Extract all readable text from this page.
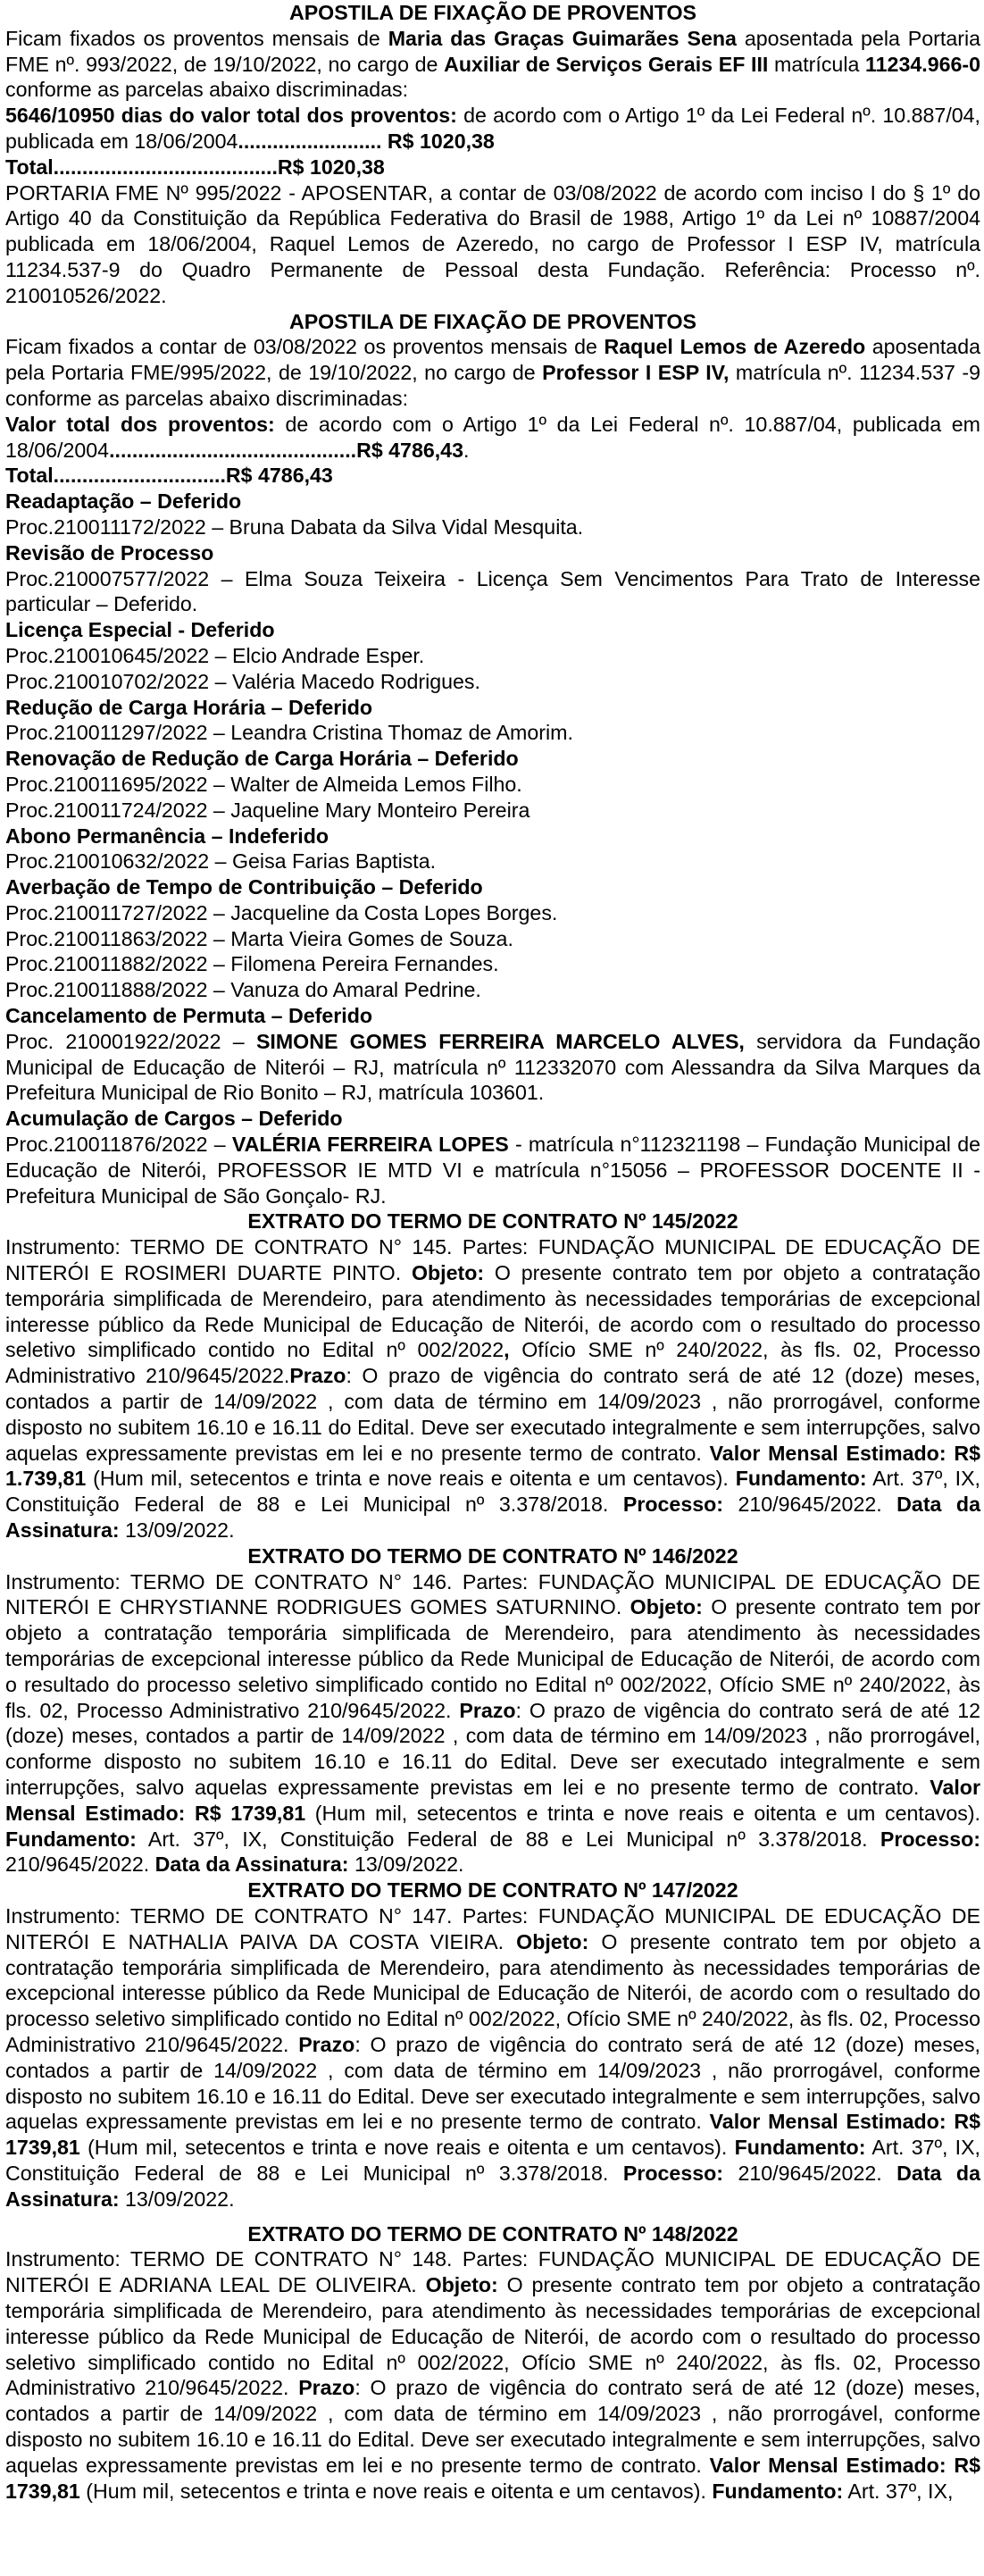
APOSTILA DE FIXAÇÃO DE PROVENTOS

Ficam fixados os proventos mensais de Maria das Graças Guimarães Sena aposentada pela Portaria FME nº. 993/2022, de 19/10/2022, no cargo de Auxiliar de Serviços Gerais EF III matrícula 11234.966-0 conforme as parcelas abaixo discriminadas:

5646/10950 dias do valor total dos proventos: de acordo com o Artigo 1º da Lei Federal nº. 10.887/04, publicada em 18/06/2004......................... R$ 1020,38

Total.......................................R$ 1020,38

PORTARIA FME Nº 995/2022 - APOSENTAR, a contar de 03/08/2022 de acordo com inciso I do § 1º do Artigo 40 da Constituição da República Federativa do Brasil de 1988, Artigo 1º da Lei nº 10887/2004 publicada em 18/06/2004, Raquel Lemos de Azeredo, no cargo de Professor I ESP IV, matrícula 11234.537-9 do Quadro Permanente de Pessoal desta Fundação. Referência: Processo nº. 210010526/2022.

APOSTILA DE FIXAÇÃO DE PROVENTOS

Ficam fixados a contar de 03/08/2022 os proventos mensais de Raquel Lemos de Azeredo aposentada pela Portaria FME/995/2022, de 19/10/2022, no cargo de Professor I ESP IV, matrícula nº. 11234.537 -9 conforme as parcelas abaixo discriminadas:

Valor total dos proventos: de acordo com o Artigo 1º da Lei Federal nº. 10.887/04, publicada em 18/06/2004...........................................R$ 4786,43.

Total..............................R$ 4786,43

Readaptação – Deferido

Proc.210011172/2022 – Bruna Dabata da Silva Vidal Mesquita.

Revisão de Processo

Proc.210007577/2022 – Elma Souza Teixeira - Licença Sem Vencimentos Para Trato de Interesse particular – Deferido.

Licença Especial - Deferido

Proc.210010645/2022 – Elcio Andrade Esper.

Proc.210010702/2022 – Valéria Macedo Rodrigues.

Redução de Carga Horária – Deferido

Proc.210011297/2022 – Leandra Cristina Thomaz de Amorim.

Renovação de Redução de Carga Horária – Deferido

Proc.210011695/2022 – Walter de Almeida Lemos Filho.

Proc.210011724/2022 – Jaqueline Mary Monteiro Pereira

Abono Permanência – Indeferido

Proc.210010632/2022 – Geisa Farias Baptista.

Averbação de Tempo de Contribuição – Deferido

Proc.210011727/2022 – Jacqueline da Costa Lopes Borges.

Proc.210011863/2022 – Marta Vieira Gomes de Souza.

Proc.210011882/2022 – Filomena Pereira Fernandes.

Proc.210011888/2022 – Vanuza do Amaral Pedrine.

Cancelamento de Permuta – Deferido

Proc. 210001922/2022 – SIMONE GOMES FERREIRA MARCELO ALVES, servidora da Fundação Municipal de Educação de Niterói – RJ, matrícula nº 112332070 com Alessandra da Silva Marques da Prefeitura Municipal de Rio Bonito – RJ, matrícula 103601.

Acumulação de Cargos – Deferido

Proc.210011876/2022 – VALÉRIA FERREIRA LOPES - matrícula n°112321198 – Fundação Municipal de Educação de Niterói, PROFESSOR IE MTD VI e matrícula n°15056 – PROFESSOR DOCENTE II - Prefeitura Municipal de São Gonçalo- RJ.

EXTRATO DO TERMO DE CONTRATO Nº 145/2022

Instrumento: TERMO DE CONTRATO N° 145. Partes: FUNDAÇÃO MUNICIPAL DE EDUCAÇÃO DE NITERÓI E ROSIMERI DUARTE PINTO. Objeto: O presente contrato tem por objeto a contratação temporária simplificada de Merendeiro, para atendimento às necessidades temporárias de excepcional interesse público da Rede Municipal de Educação de Niterói, de acordo com o resultado do processo seletivo simplificado contido no Edital nº 002/2022, Ofício SME nº 240/2022, às fls. 02, Processo Administrativo 210/9645/2022.Prazo: O prazo de vigência do contrato será de até 12 (doze) meses, contados a partir de 14/09/2022 , com data de término em 14/09/2023 , não prorrogável, conforme disposto no subitem 16.10 e 16.11 do Edital. Deve ser executado integralmente e sem interrupções, salvo aquelas expressamente previstas em lei e no presente termo de contrato. Valor Mensal Estimado: R$ 1.739,81 (Hum mil, setecentos e trinta e nove reais e oitenta e um centavos). Fundamento: Art. 37º, IX, Constituição Federal de 88 e Lei Municipal nº 3.378/2018. Processo: 210/9645/2022. Data da Assinatura: 13/09/2022.

EXTRATO DO TERMO DE CONTRATO Nº 146/2022

Instrumento: TERMO DE CONTRATO N° 146. Partes: FUNDAÇÃO MUNICIPAL DE EDUCAÇÃO DE NITERÓI E CHRYSTIANNE RODRIGUES GOMES SATURNINO. Objeto: O presente contrato tem por objeto a contratação temporária simplificada de Merendeiro, para atendimento às necessidades temporárias de excepcional interesse público da Rede Municipal de Educação de Niterói, de acordo com o resultado do processo seletivo simplificado contido no Edital nº 002/2022, Ofício SME nº 240/2022, às fls. 02, Processo Administrativo 210/9645/2022. Prazo: O prazo de vigência do contrato será de até 12 (doze) meses, contados a partir de 14/09/2022 , com data de término em 14/09/2023 , não prorrogável, conforme disposto no subitem 16.10 e 16.11 do Edital. Deve ser executado integralmente e sem interrupções, salvo aquelas expressamente previstas em lei e no presente termo de contrato. Valor Mensal Estimado: R$ 1739,81 (Hum mil, setecentos e trinta e nove reais e oitenta e um centavos). Fundamento: Art. 37º, IX, Constituição Federal de 88 e Lei Municipal nº 3.378/2018. Processo: 210/9645/2022. Data da Assinatura: 13/09/2022.

EXTRATO DO TERMO DE CONTRATO Nº 147/2022

Instrumento: TERMO DE CONTRATO N° 147. Partes: FUNDAÇÃO MUNICIPAL DE EDUCAÇÃO DE NITERÓI E NATHALIA PAIVA DA COSTA VIEIRA. Objeto: O presente contrato tem por objeto a contratação temporária simplificada de Merendeiro, para atendimento às necessidades temporárias de excepcional interesse público da Rede Municipal de Educação de Niterói, de acordo com o resultado do processo seletivo simplificado contido no Edital nº 002/2022, Ofício SME nº 240/2022, às fls. 02, Processo Administrativo 210/9645/2022. Prazo: O prazo de vigência do contrato será de até 12 (doze) meses, contados a partir de 14/09/2022 , com data de término em 14/09/2023 , não prorrogável, conforme disposto no subitem 16.10 e 16.11 do Edital. Deve ser executado integralmente e sem interrupções, salvo aquelas expressamente previstas em lei e no presente termo de contrato. Valor Mensal Estimado: R$ 1739,81 (Hum mil, setecentos e trinta e nove reais e oitenta e um centavos). Fundamento: Art. 37º, IX, Constituição Federal de 88 e Lei Municipal nº 3.378/2018. Processo: 210/9645/2022. Data da Assinatura: 13/09/2022.

EXTRATO DO TERMO DE CONTRATO Nº 148/2022

Instrumento: TERMO DE CONTRATO N° 148. Partes: FUNDAÇÃO MUNICIPAL DE EDUCAÇÃO DE NITERÓI E ADRIANA LEAL DE OLIVEIRA. Objeto: O presente contrato tem por objeto a contratação temporária simplificada de Merendeiro, para atendimento às necessidades temporárias de excepcional interesse público da Rede Municipal de Educação de Niterói, de acordo com o resultado do processo seletivo simplificado contido no Edital nº 002/2022, Ofício SME nº 240/2022, às fls. 02, Processo Administrativo 210/9645/2022. Prazo: O prazo de vigência do contrato será de até 12 (doze) meses, contados a partir de 14/09/2022 , com data de término em 14/09/2023 , não prorrogável, conforme disposto no subitem 16.10 e 16.11 do Edital. Deve ser executado integralmente e sem interrupções, salvo aquelas expressamente previstas em lei e no presente termo de contrato. Valor Mensal Estimado: R$ 1739,81 (Hum mil, setecentos e trinta e nove reais e oitenta e um centavos). Fundamento: Art. 37º, IX,
